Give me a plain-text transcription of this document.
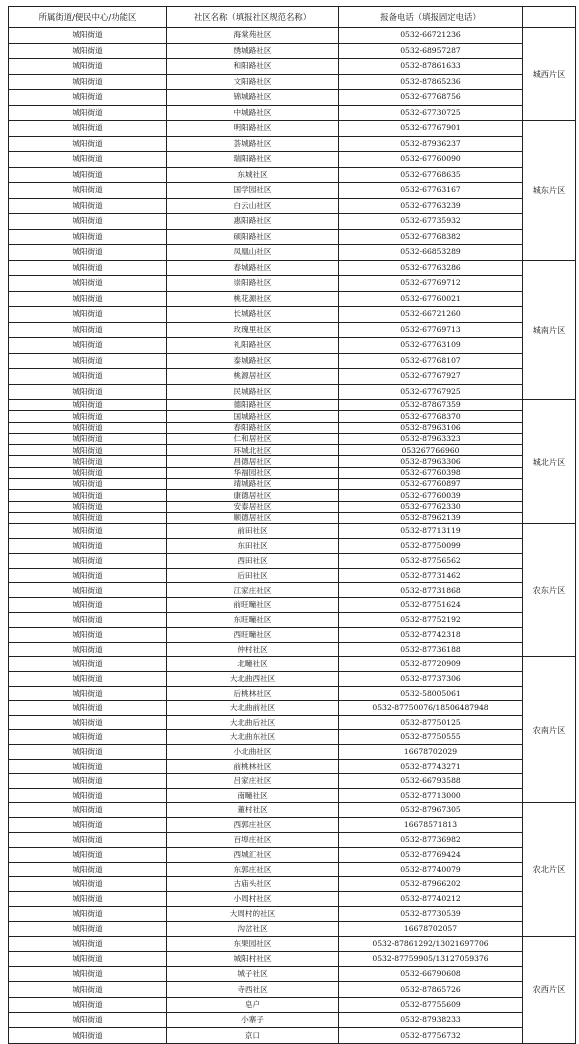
所属街道/便民中心/功能区	社区名称（填报社区规范名称）	报备电话（填报固定电话）	
城阳街道	海棠苑社区	0532-66721236	城西片区
城阳街道	绣城路社区	0532-68957287	
城阳街道	和阳路社区	0532-87861633	
城阳街道	文阳路社区	0532-87865236	
城阳街道	锦城路社区	0532-67768756	
城阳街道	中城路社区	0532-67730725	
城阳街道	明阳路社区	0532-67767901	城东片区
城阳街道	荟城路社区	0532-87936237	
城阳街道	瑞阳路社区	0532-67760090	
城阳街道	东城社区	0532-67768635	
城阳街道	国学园社区	0532-67763167	
城阳街道	白云山社区	0532-67763239	
城阳街道	惠阳路社区	0532-67735932	
城阳街道	硕阳路社区	0532-67768382	
城阳街道	凤凰山社区	0532-66853289	
城阳街道	春城路社区	0532-67763286	城南片区
城阳街道	崇阳路社区	0532-67769712	
城阳街道	桃花源社区	0532-67760021	
城阳街道	长城路社区	0532-66721260	
城阳街道	玫瑰里社区	0532-67769713	
城阳街道	礼阳路社区	0532-67763109	
城阳街道	泰城路社区	0532-67768107	
城阳街道	桃源居社区	0532-67767927	
城阳街道	民城路社区	0532-67767925	
城阳街道	德阳路社区	0532-87867359	城北片区
城阳街道	国城路社区	0532-67768370	
城阳街道	春阳路社区	0532-87963106	
城阳街道	仁和居社区	0532-87963323	
城阳街道	环城北社区	053267766960	
城阳街道	昌德居社区	0532-87963306	
城阳街道	华福园社区	0532-67760398	
城阳街道	靖城路社区	0532-67760897	
城阳街道	康德居社区	0532-67760039	
城阳街道	安泰居社区	0532-67762330	
城阳街道	顺德居社区	0532-87962139	
城阳街道	前田社区	0532-87713119	农东片区
城阳街道	东田社区	0532-87750099	
城阳街道	西田社区	0532-87756562	
城阳街道	后田社区	0532-87731462	
城阳街道	江家庄社区	0532-87731868	
城阳街道	前旺疃社区	0532-87751624	
城阳街道	东旺疃社区	0532-87752192	
城阳街道	西旺疃社区	0532-87742318	
城阳街道	仲村社区	0532-87736188	
城阳街道	北疃社区	0532-87720909	农南片区
城阳街道	大北曲西社区	0532-87737306	
城阳街道	后桃林社区	0532-58005061	
城阳街道	大北曲前社区	0532-87750076/18506487948	
城阳街道	大北曲后社区	0532-87750125	
城阳街道	大北曲东社区	0532-87750555	
城阳街道	小北曲社区	16678702029	
城阳街道	前桃林社区	0532-87743271	
城阳街道	吕家庄社区	0532-66793588	
城阳街道	南疃社区	0532-87713000	
城阳街道	董村社区	0532-87967305	农北片区
城阳街道	西郭庄社区	16678571813	
城阳街道	百埠庄社区	0532-87736982	
城阳街道	西城汇社区	0532-87769424	
城阳街道	东郭庄社区	0532-87740079	
城阳街道	古庙头社区	0532-87966202	
城阳街道	小周村社区	0532-87740212	
城阳街道	大周村的社区	0532-87730539	
城阳街道	沟岔社区	16678702057	
城阳街道	东果园社区	0532-87861292/13021697706	农西片区
城阳街道	城阳村社区	0532-87759905/13127059376	
城阳街道	城子社区	0532-66790608	
城阳街道	寺西社区	0532-87865726	
城阳街道	皂户	0532-87755609	
城阳街道	小寨子	0532-87938233	
城阳街道	京口	0532-87756732	
